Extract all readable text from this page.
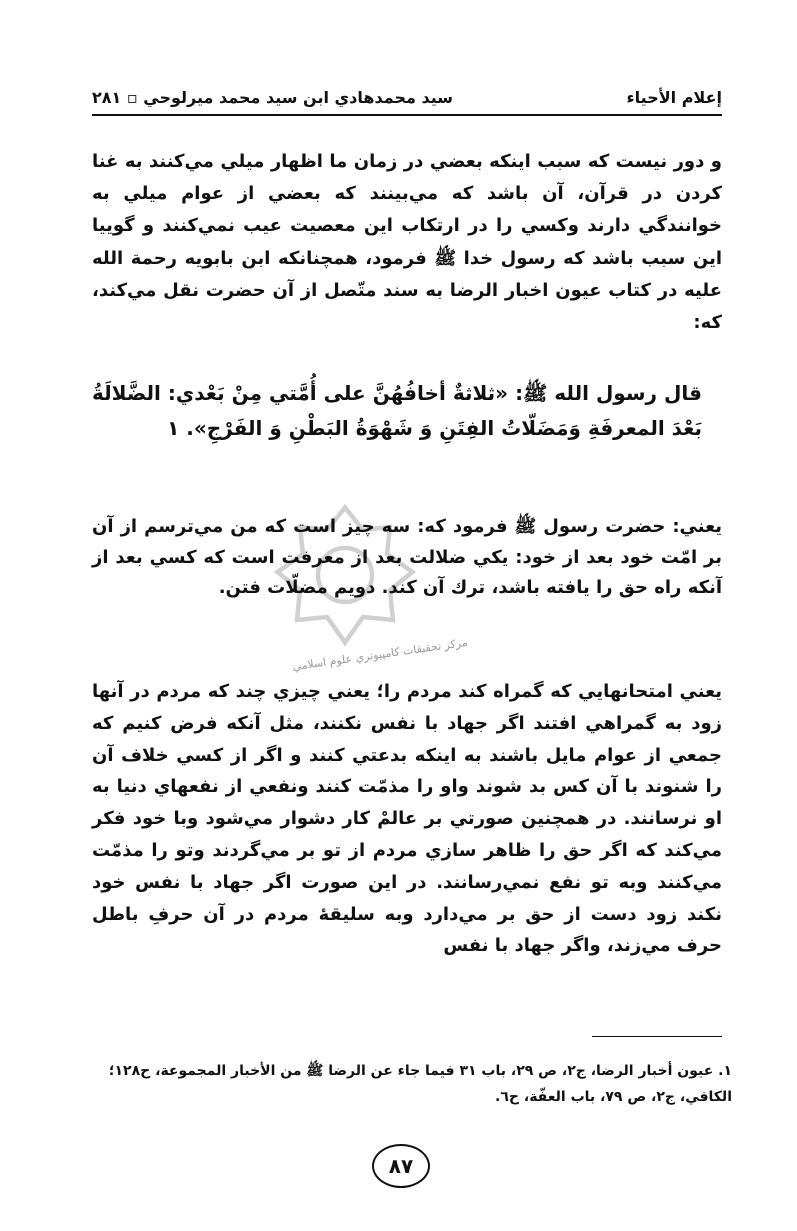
إعلام الأحياء
سيد محمدهادي ابن سيد محمد ميرلوحي ▫ ۲۸۱
و دور نيست كه سبب اينكه بعضي در زمان ما اظهار ميلي مي‌كنند به غنا كردن در قرآن، آن باشد كه مي‌بينند كه بعضي از عوام ميلي به خوانندگي دارند وكسي را در ارتكاب اين معصيت عيب نمي‌كنند و گوييا اين سبب باشد كه رسول خدا ﷺ فرمود، همچنانكه ابن بابويه رحمة الله عليه در كتاب عيون اخبار الرضا به سند متّصل از آن حضرت نقل مي‌كند، كه:
قال رسول الله ﷺ: «ثلاثةٌ أخافُهُنَّ على أُمَّتي مِنْ بَعْدي: الضَّلالَةُ بَعْدَ المعرفَةِ وَمَضَلّاتُ الفِتَنِ وَ شَهْوَةُ البَطْنِ وَ الفَرْجِ». ١
يعني: حضرت رسول ﷺ فرمود كه: سه چيز است كه من مي‌ترسم از آن بر امّت خود بعد از خود: يكي ضلالت بعد از معرفت است كه كسي بعد از آنكه راه حق را يافته باشد، ترك آن كند. دويم مضلّات فتن.
مركز تحقيقات كامپيوتري علوم اسلامي
يعني امتحانهايي كه گمراه كند مردم را؛ يعني چيزي چند كه مردم در آنها زود به گمراهي افتند اگر جهاد با نفس نكنند، مثل آنكه فرض كنيم كه جمعي از عوام مايل باشند به اينكه بدعتي كنند و اگر از كسي خلاف آن را شنوند با آن كس بد شوند واو را مذمّت كنند ونفعي از نفعهاي دنيا به او نرسانند. در همچنين صورتي بر عالمْ كار دشوار مي‌شود وبا خود فكر مي‌كند كه اگر حق را ظاهر سازي مردم از تو بر مي‌گردند وتو را مذمّت مي‌كنند وبه تو نفع نمي‌رسانند. در اين صورت اگر جهاد با نفس خود نكند زود دست از حق بر مي‌دارد وبه سليقهٔ مردم در آن حرفِ باطل حرف مي‌زند، واگر جهاد با نفس
١. عيون أخبار الرضا، ج٢، ص ٢٩، باب ٣١ فيما جاء عن الرضا ﷺ من الأخبار المجموعة، ح١٢٨؛ الكافي، ج٢، ص ٧٩، باب العفّة، ح٦.
٨٧
